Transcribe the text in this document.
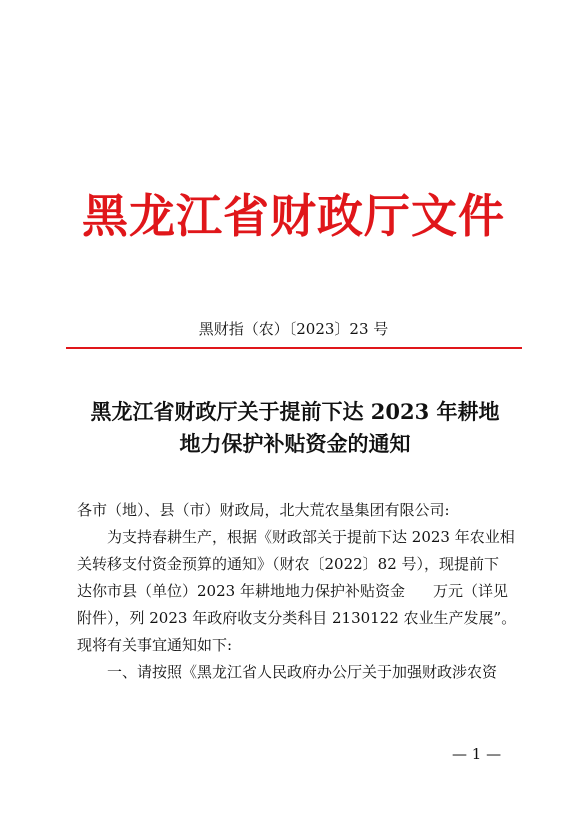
黑龙江省财政厅文件
黑财指（农）〔2023〕23 号
黑龙江省财政厅关于提前下达 2023 年耕地
地力保护补贴资金的通知
各市（地）、县（市）财政局，北大荒农垦集团有限公司:
为支持春耕生产，根据《财政部关于提前下达 2023 年农业相
关转移支付资金预算的通知》（财农〔2022〕82 号），现提前下
达你市县（单位）2023 年耕地地力保护补贴资金 万元（详见
附件），列 2023 年政府收支分类科目 2130122 农业生产发展”。
现将有关事宜通知如下:
一、请按照《黑龙江省人民政府办公厅关于加强财政涉农资
— 1 —
